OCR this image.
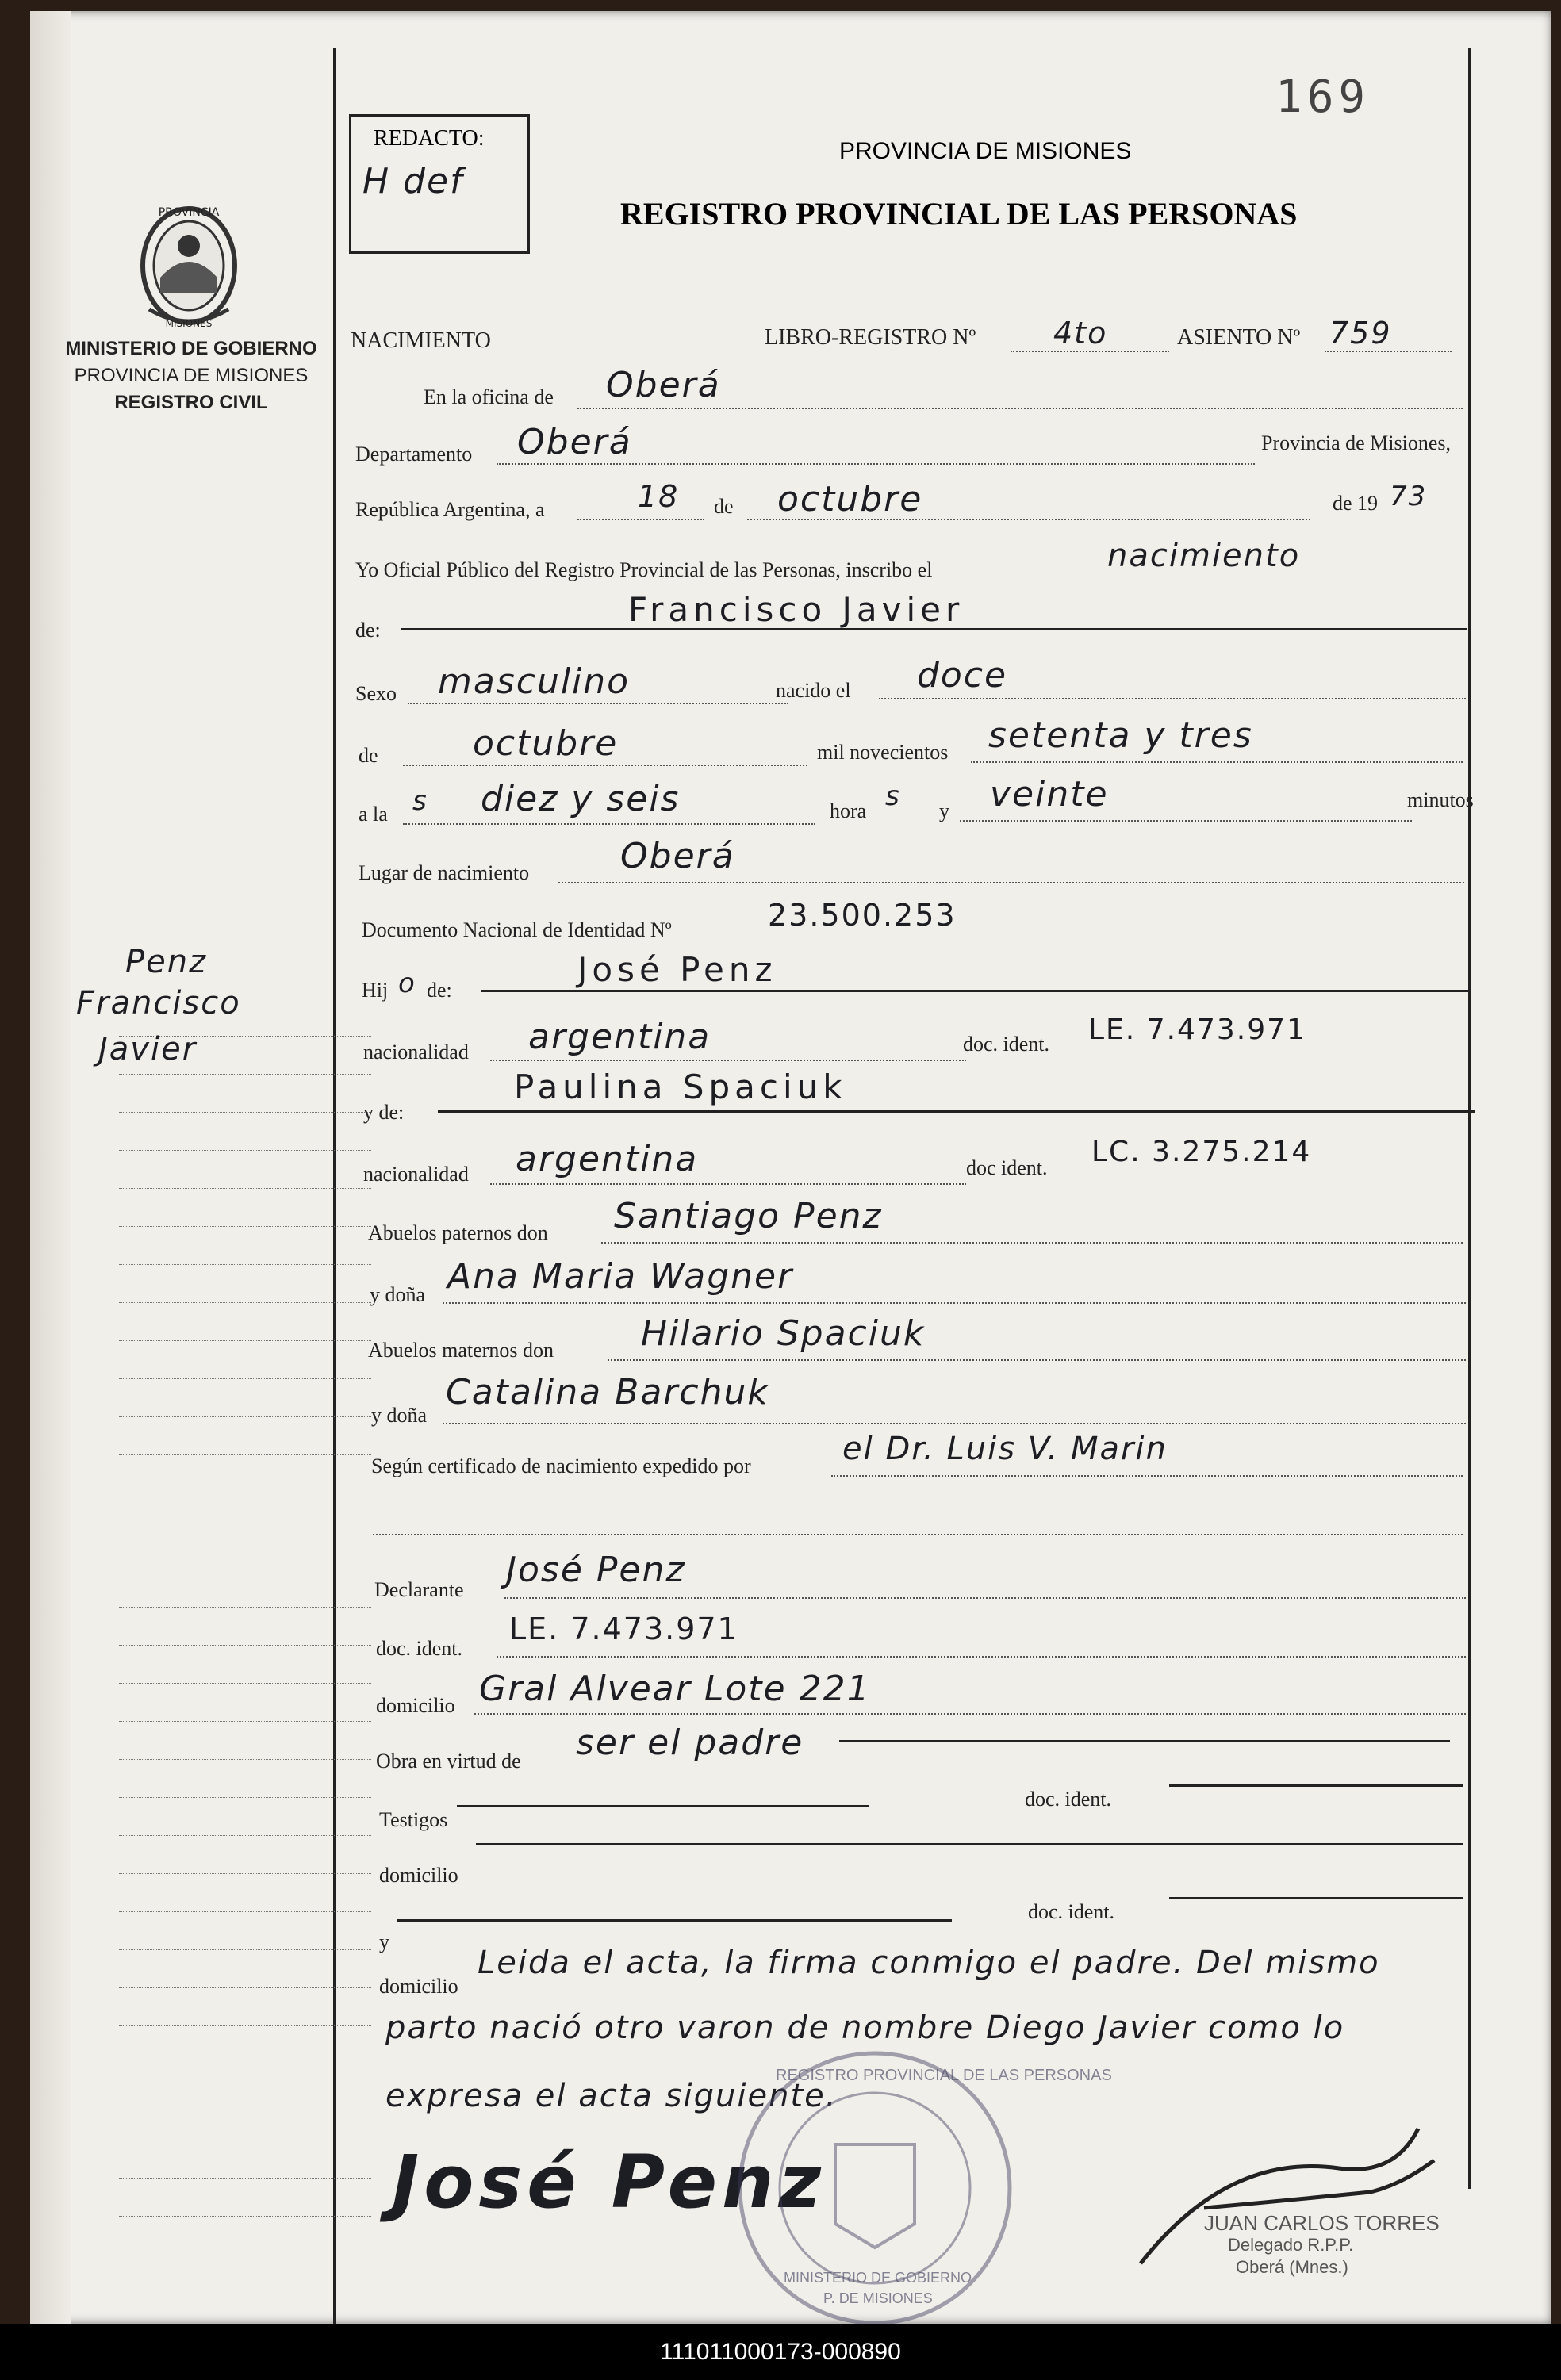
169
REDACTO:
H def
PROVINCIA
MISIONES
MINISTERIO DE GOBIERNO
PROVINCIA DE MISIONES
REGISTRO CIVIL
Penz
Francisco
Javier
PROVINCIA DE MISIONES
REGISTRO PROVINCIAL DE LAS PERSONAS
NACIMIENTO	LIBRO-REGISTRO Nº	4to	ASIENTO Nº 759
En la oficina de Oberá
Departamento Oberá	Provincia de Misiones,
República Argentina, a	18 de octubre	de 19 73
Yo Oficial Público del Registro Provincial de las Personas, inscribo el	nacimiento
de:
Francisco Javier
Sexo masculino	nacido el doce
de	octubre	mil novecientos setenta y tres
a la s diez y seis	hora s y veinte	minutos
Lugar de nacimiento	Oberá
Documento Nacional de Identidad Nº	23.500.253
Hij o de:
José Penz
nacionalidad argentina	doc. ident. LE. 7.473.971
y de:
Paulina Spaciuk
nacionalidad argentina	doc ident. LC. 3.275.214
Abuelos paternos don Santiago Penz
y doña Ana Maria Wagner
Abuelos maternos don	Hilario Spaciuk
y doña
Catalina Barchuk
Según certificado de nacimiento expedido por	el Dr. Luis V. Marin
Declarante José Penz
doc. ident.
LE. 7.473.971
domicilio Gral Alvear Lote 221
Obra en virtud de ser el padre
Testigos
doc. ident.
domicilio
y
doc. ident.
domicilio
Leida el acta, la firma conmigo el padre. Del mismo
parto nació otro varon de nombre Diego Javier como lo
expresa el acta siguiente.
José Penz
REGISTRO PROVINCIAL DE LAS PERSONAS
MINISTERIO DE GOBIERNO
P. DE MISIONES
JUAN CARLOS TORRES
Delegado R.P.P.
Oberá (Mnes.)
111011000173-000890
